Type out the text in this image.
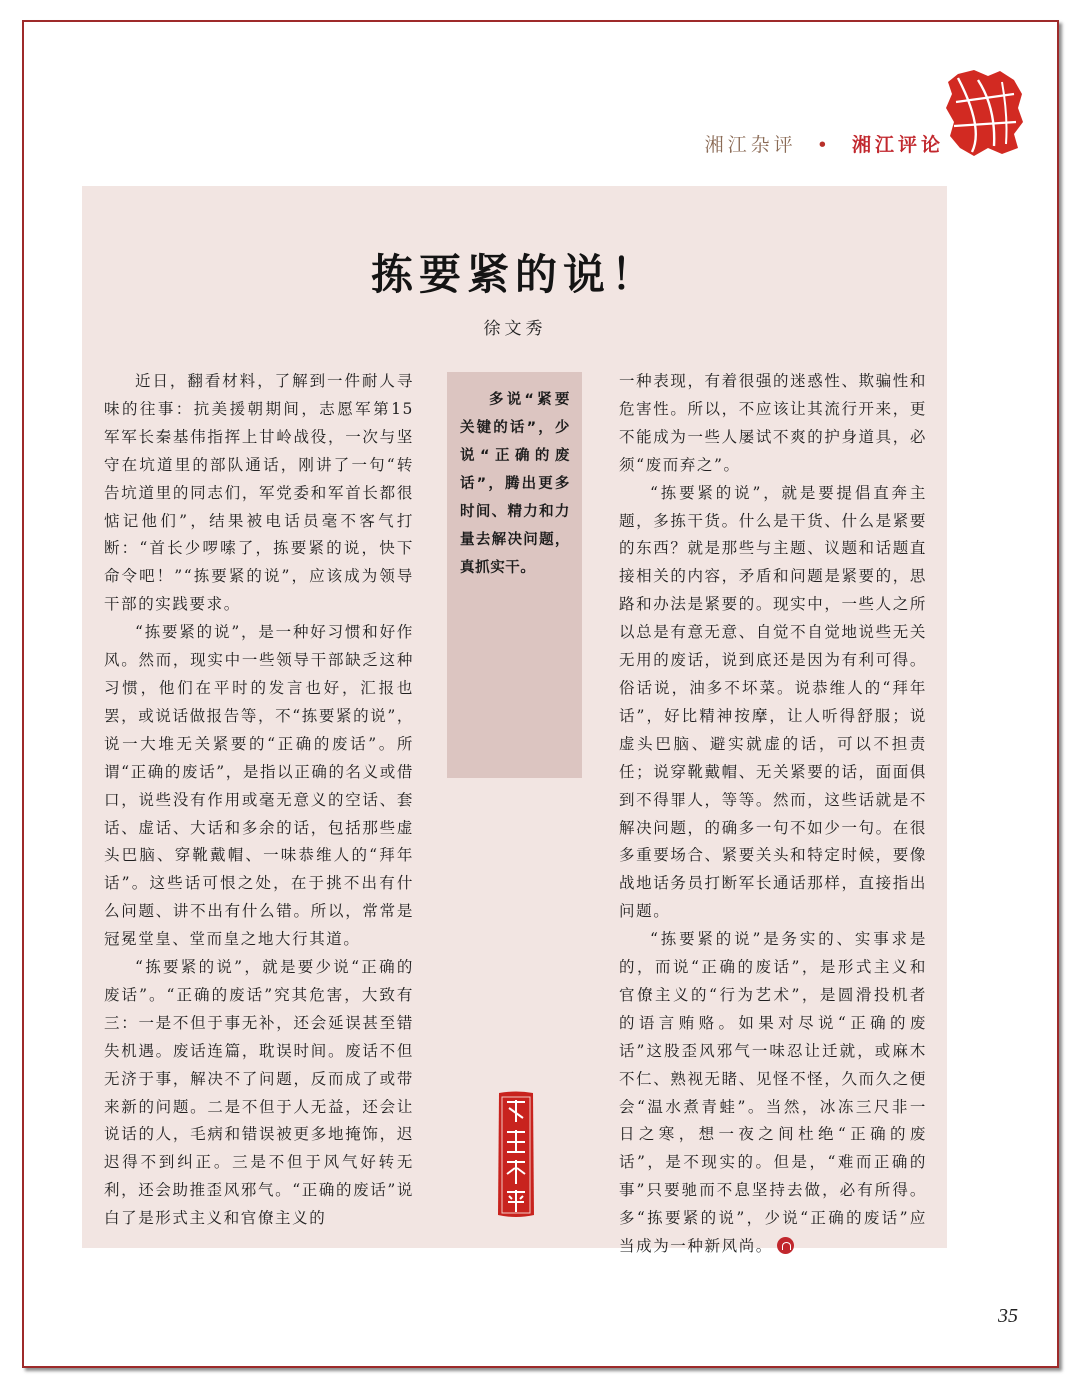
湘江杂评 • 湘江评论
拣要紧的说！
徐文秀

近日，翻看材料，了解到一件耐人寻味的往事：抗美援朝期间，志愿军第15军军长秦基伟指挥上甘岭战役，一次与坚守在坑道里的部队通话，刚讲了一句“转告坑道里的同志们，军党委和军首长都很惦记他们”，结果被电话员毫不客气打断：“首长少啰嗦了，拣要紧的说，快下命令吧！”“拣要紧的说”，应该成为领导干部的实践要求。

“拣要紧的说”，是一种好习惯和好作风。然而，现实中一些领导干部缺乏这种习惯，他们在平时的发言也好，汇报也罢，或说话做报告等，不“拣要紧的说”，说一大堆无关紧要的“正确的废话”。所谓“正确的废话”，是指以正确的名义或借口，说些没有作用或毫无意义的空话、套话、虚话、大话和多余的话，包括那些虚头巴脑、穿靴戴帽、一味恭维人的“拜年话”。这些话可恨之处，在于挑不出有什么问题、讲不出有什么错。所以，常常是冠冕堂皇、堂而皇之地大行其道。

“拣要紧的说”，就是要少说“正确的废话”。“正确的废话”究其危害，大致有三：一是不但于事无补，还会延误甚至错失机遇。废话连篇，耽误时间。废话不但无济于事，解决不了问题，反而成了或带来新的问题。二是不但于人无益，还会让说话的人，毛病和错误被更多地掩饰，迟迟得不到纠正。三是不但于风气好转无利，还会助推歪风邪气。“正确的废话”说白了是形式主义和官僚主义的

多说“紧要关键的话”，少说“正确的废话”，腾出更多时间、精力和力量去解决问题，真抓实干。

一种表现，有着很强的迷惑性、欺骗性和危害性。所以，不应该让其流行开来，更不能成为一些人屡试不爽的护身道具，必须“废而弃之”。

“拣要紧的说”，就是要提倡直奔主题，多拣干货。什么是干货、什么是紧要的东西？就是那些与主题、议题和话题直接相关的内容，矛盾和问题是紧要的，思路和办法是紧要的。现实中，一些人之所以总是有意无意、自觉不自觉地说些无关无用的废话，说到底还是因为有利可得。俗话说，油多不坏菜。说恭维人的“拜年话”，好比精神按摩，让人听得舒服；说虚头巴脑、避实就虚的话，可以不担责任；说穿靴戴帽、无关紧要的话，面面俱到不得罪人，等等。然而，这些话就是不解决问题，的确多一句不如少一句。在很多重要场合、紧要关头和特定时候，要像战地话务员打断军长通话那样，直接指出问题。

“拣要紧的说”是务实的、实事求是的，而说“正确的废话”，是形式主义和官僚主义的“行为艺术”，是圆滑投机者的语言贿赂。如果对尽说“正确的废话”这股歪风邪气一味忍让迁就，或麻木不仁、熟视无睹、见怪不怪，久而久之便会“温水煮青蛙”。当然，冰冻三尺非一日之寒，想一夜之间杜绝“正确的废话”，是不现实的。但是，“难而正确的事”只要驰而不息坚持去做，必有所得。多“拣要紧的说”，少说“正确的废话”应当成为一种新风尚。

35
